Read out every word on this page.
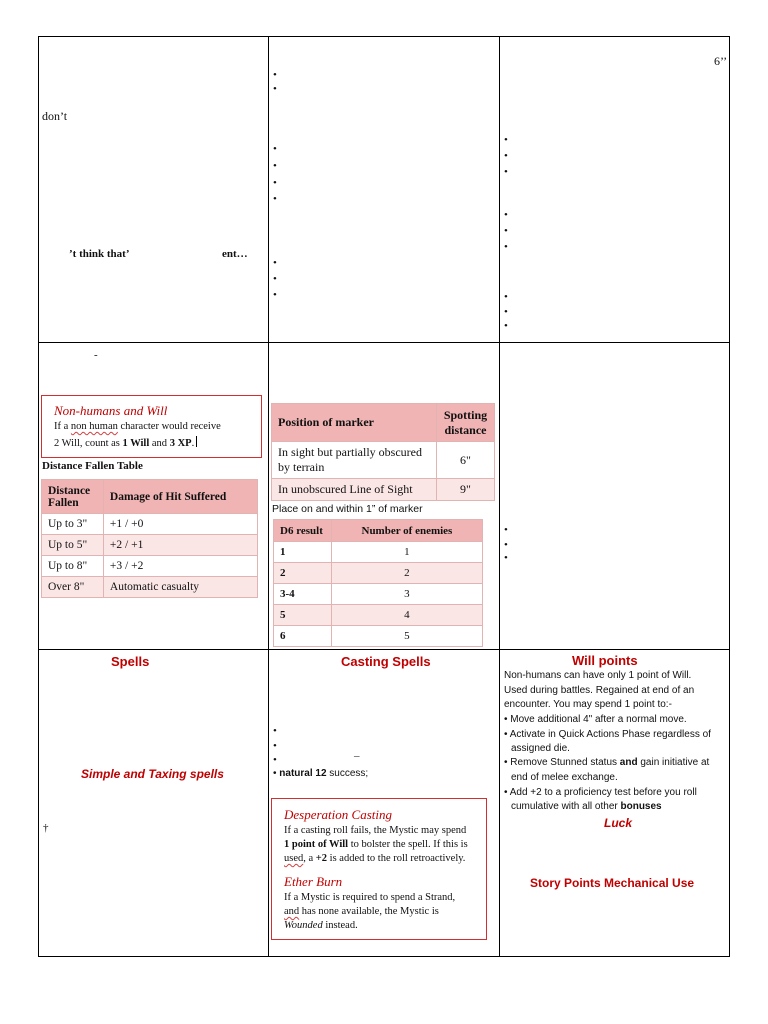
don’t
’t think that’	ent…

•
•
•
•
•
•
•
•
•

6’’
•
•
•
•
•
•
•
•
•

-
Non-humans and Will
If a non human character would receive
2 Will, count as 1 Will and 3 XP.
Distance Fallen Table
Distance Fallen	Damage of Hit Suffered
Up to 3"	+1 / +0
Up to 5"	+2 / +1
Up to 8"	+3 / +2
Over 8"	Automatic casualty

Position of marker	Spotting distance
In sight but partially obscured by terrain	6"
In unobscured Line of Sight	9"
Place on and within 1” of marker
D6 result	Number of enemies
1	1
2	2
3-4	3
5	4
6	5

•
•
•

Spells
Simple and Taxing spells
†

Casting Spells
•
•
•	–
• natural 12 success;
Desperation Casting
If a casting roll fails, the Mystic may spend
1 point of Will to bolster the spell. If this is
used, a +2 is added to the roll retroactively.
Ether Burn
If a Mystic is required to spend a Strand,
and has none available, the Mystic is
Wounded instead.

Will points
Non-humans can have only 1 point of Will.
Used during battles. Regained at end of an
encounter. You may spend 1 point to:-
• Move additional 4" after a normal move.
• Activate in Quick Actions Phase regardless of
assigned die.
• Remove Stunned status and gain initiative at
end of melee exchange.
• Add +2 to a proficiency test before you roll
cumulative with all other bonuses
Luck
Story Points Mechanical Use
